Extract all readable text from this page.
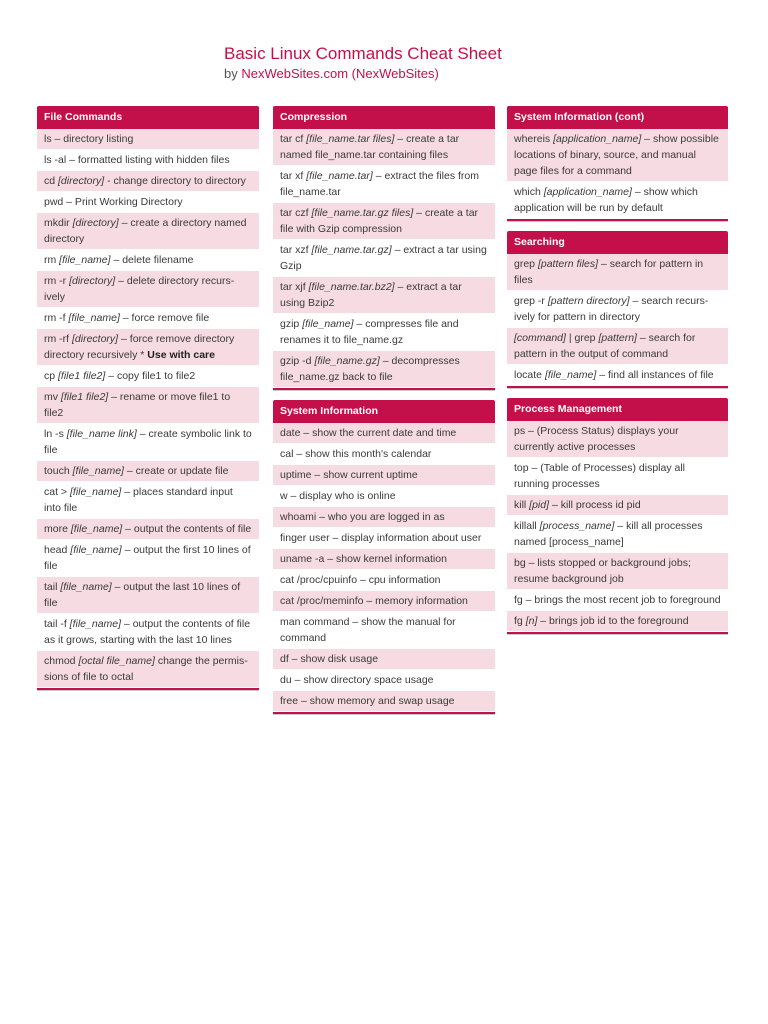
Basic Linux Commands Cheat Sheet
by NexWebSites.com (NexWebSites)
File Commands
ls – directory listing
ls -al – formatted listing with hidden files
cd [directory] - change directory to directory
pwd – Print Working Directory
mkdir [directory] – create a directory named directory
rm [file_name] – delete filename
rm -r [directory] – delete directory recurs-ively
rm -f [file_name] – force remove file
rm -rf [directory] – force remove directory directory recursively * Use with care
cp [file1 file2] – copy file1 to file2
mv [file1 file2] – rename or move file1 to file2
ln -s [file_name link] – create symbolic link to file
touch [file_name] – create or update file
cat > [file_name] – places standard input into file
more [file_name] – output the contents of file
head [file_name] – output the first 10 lines of file
tail [file_name] – output the last 10 lines of file
tail -f [file_name] – output the contents of file as it grows, starting with the last 10 lines
chmod [octal file_name] change the permis-sions of file to octal
Compression
tar cf [file_name.tar files] – create a tar named file_name.tar containing files
tar xf [file_name.tar] – extract the files from file_name.tar
tar czf [file_name.tar.gz files] – create a tar file with Gzip compression
tar xzf [file_name.tar.gz] – extract a tar using Gzip
tar xjf [file_name.tar.bz2] – extract a tar using Bzip2
gzip [file_name] – compresses file and renames it to file_name.gz
gzip -d [file_name.gz] – decompresses file_name.gz back to file
System Information
date – show the current date and time
cal – show this month's calendar
uptime – show current uptime
w – display who is online
whoami – who you are logged in as
finger user – display information about user
uname -a – show kernel information
cat /proc/cpuinfo – cpu information
cat /proc/meminfo – memory information
man command – show the manual for command
df – show disk usage
du – show directory space usage
free – show memory and swap usage
System Information (cont)
whereis [application_name] – show possible locations of binary, source, and manual page files for a command
which [application_name] – show which application will be run by default
Searching
grep [pattern files] – search for pattern in files
grep -r [pattern directory] – search recurs-ively for pattern in directory
[command] | grep [pattern] – search for pattern in the output of command
locate [file_name] – find all instances of file
Process Management
ps – (Process Status) displays your currently active processes
top – (Table of Processes) display all running processes
kill [pid] – kill process id pid
killall [process_name] – kill all processes named [process_name]
bg – lists stopped or background jobs; resume background job
fg – brings the most recent job to foreground
fg [n] – brings job id to the foreground
